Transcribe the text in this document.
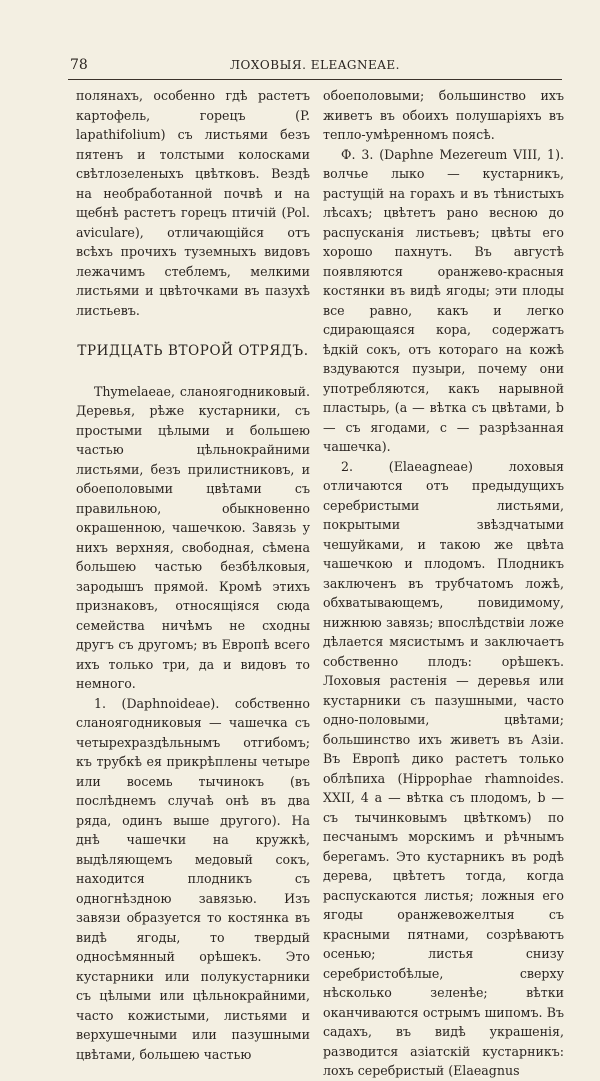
78	ЛОХОВЫЯ. ELEAGNEAE.

полянахъ, особенно гдѣ растетъ картофель, горецъ (P. lapathifolium) съ листьями безъ пятенъ и толстыми колосками свѣтлозеленыхъ цвѣтковъ. Вездѣ на необработанной почвѣ и на щебнѣ растетъ горецъ птичій (Pol. aviculare), отличающійся отъ всѣхъ прочихъ туземныхъ видовъ лежачимъ стеблемъ, мелкими листьями и цвѣточками въ пазухѣ листьевъ.

ТРИДЦАТЬ ВТОРОЙ ОТРЯДЪ.

Thymelaeae, сланоягодниковый. Деревья, рѣже кустарники, съ простыми цѣлыми и большею частью цѣльнокрайними листьями, безъ прилистниковъ, и обоеполовыми цвѣтами съ правильною, обыкновенно окрашенною, чашечкою. Завязь у нихъ верхняя, свободная, сѣмена большею частью безбѣлковыя, зародышъ прямой. Кромѣ этихъ признаковъ, относящіяся сюда семейства ничѣмъ не сходны другъ съ другомъ; въ Европѣ всего ихъ только три, да и видовъ то немного.

1. (Daphnoideae). собственно сланоягодниковыя — чашечка съ четырехраздѣльнымъ отгибомъ; къ трубкѣ ея прикрѣплены четыре или восемь тычинокъ (въ послѣднемъ случаѣ онѣ въ два ряда, одинъ выше другого). На днѣ чашечки на кружкѣ, выдѣляющемъ медовый сокъ, находится плодникъ съ одногнѣздною завязью. Изъ завязи образуется то костянка въ видѣ ягоды, то твердый односѣмянный орѣшекъ. Это кустарники или полукустарники съ цѣлыми или цѣльнокрайними, часто кожистыми, листьями и верхушечными или пазушными цвѣтами, большею частью

обоеполовыми; большинство ихъ живетъ въ обоихъ полушаріяхъ въ тепло-умѣренномъ поясѣ.

Ф. 3. (Daphne Mezereum VIII, 1). волчье лыко — кустарникъ, растущій на горахъ и въ тѣнистыхъ лѣсахъ; цвѣтетъ рано весною до распусканія листьевъ; цвѣты его хорошо пахнутъ. Въ августѣ появляются оранжево-красныя костянки въ видѣ ягоды; эти плоды все равно, какъ и легко сдирающаяся кора, содержатъ ѣдкій сокъ, отъ котораго на кожѣ вздуваются пузыри, почему они употребляются, какъ нарывной пластырь, (a — вѣтка съ цвѣтами, b — съ ягодами, c — разрѣзанная чашечка).

2. (Elaeagneae) лоховыя отличаются отъ предыдущихъ серебристыми листьями, покрытыми звѣздчатыми чешуйками, и такою же цвѣта чашечкою и плодомъ. Плодникъ заключенъ въ трубчатомъ ложѣ, обхватывающемъ, повидимому, нижнюю завязь; впослѣдствіи ложе дѣлается мясистымъ и заключаетъ собственно плодъ: орѣшекъ. Лоховыя растенія — деревья или кустарники съ пазушными, часто одно-половыми, цвѣтами; большинство ихъ живетъ въ Азіи. Въ Европѣ дико растетъ только облѣпиха (Hippophae rhamnoides. XXII, 4 a — вѣтка съ плодомъ, b — съ тычинковымъ цвѣткомъ) по песчанымъ морскимъ и рѣчнымъ берегамъ. Это кустарникъ въ родѣ дерева, цвѣтетъ тогда, когда распускаются листья; ложныя его ягоды оранжевожелтыя съ красными пятнами, созрѣваютъ осенью; листья снизу серебристобѣлые, сверху нѣсколько зеленѣе; вѣтки оканчиваются острымъ шипомъ. Въ садахъ, въ видѣ украшенія, разводится азіатскій кустарникъ: лохъ серебристый (Elaeagnus
